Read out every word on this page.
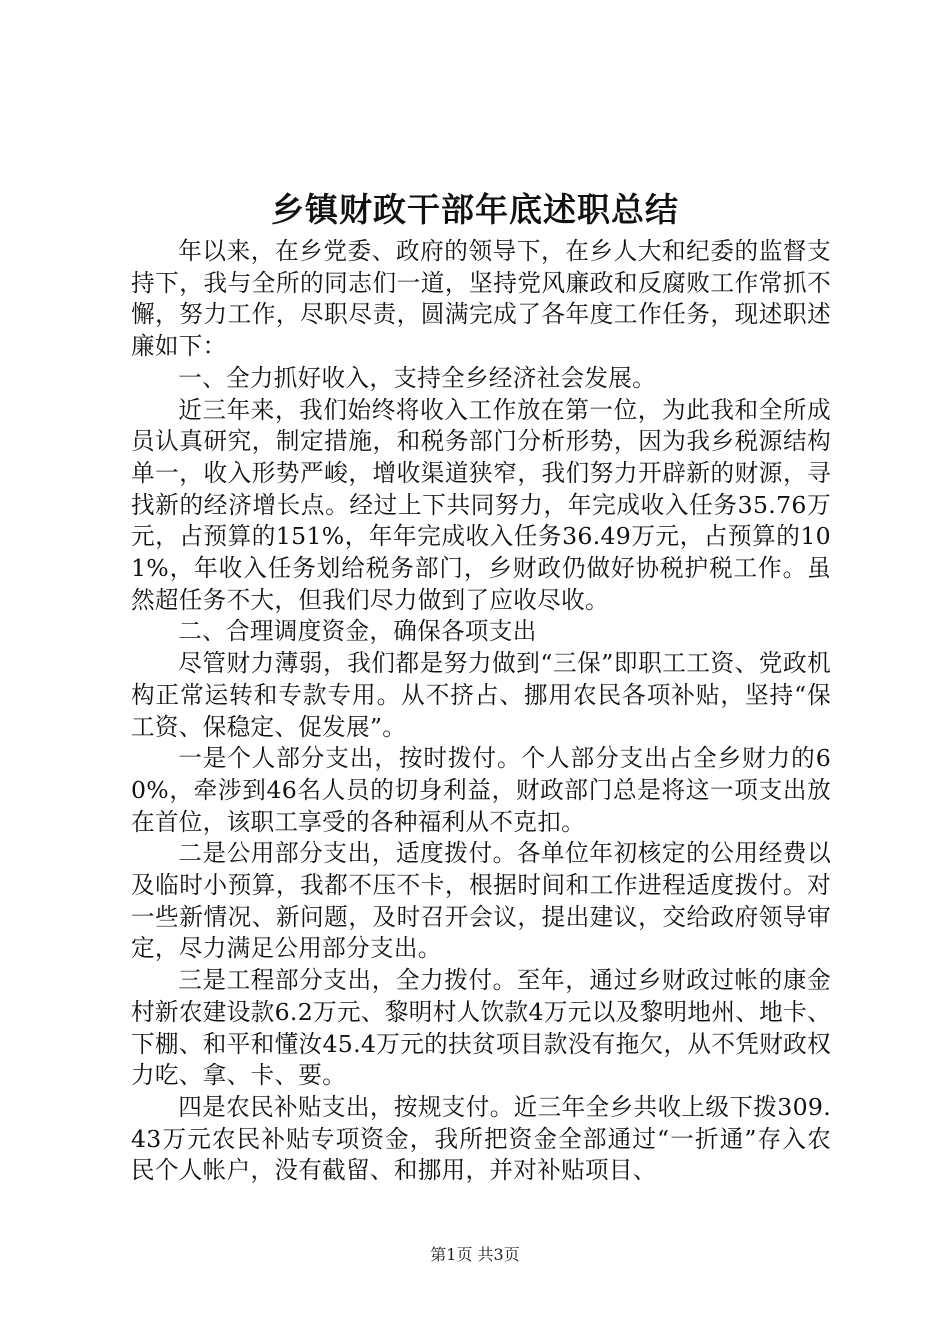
乡镇财政干部年底述职总结

年以来，在乡党委、政府的领导下，在乡人大和纪委的监督支持下，我与全所的同志们一道，坚持党风廉政和反腐败工作常抓不懈，努力工作，尽职尽责，圆满完成了各年度工作任务，现述职述廉如下：

一、全力抓好收入，支持全乡经济社会发展。

近三年来，我们始终将收入工作放在第一位，为此我和全所成员认真研究，制定措施，和税务部门分析形势，因为我乡税源结构单一，收入形势严峻，增收渠道狭窄，我们努力开辟新的财源，寻找新的经济增长点。经过上下共同努力，年完成收入任务35.76万元，占预算的151%，年年完成收入任务36.49万元，占预算的101%，年收入任务划给税务部门，乡财政仍做好协税护税工作。虽然超任务不大，但我们尽力做到了应收尽收。

二、合理调度资金，确保各项支出

尽管财力薄弱，我们都是努力做到“三保”即职工工资、党政机构正常运转和专款专用。从不挤占、挪用农民各项补贴，坚持“保工资、保稳定、促发展”。

一是个人部分支出，按时拨付。个人部分支出占全乡财力的60%，牵涉到46名人员的切身利益，财政部门总是将这一项支出放在首位，该职工享受的各种福利从不克扣。

二是公用部分支出，适度拨付。各单位年初核定的公用经费以及临时小预算，我都不压不卡，根据时间和工作进程适度拨付。对一些新情况、新问题，及时召开会议，提出建议，交给政府领导审定，尽力满足公用部分支出。

三是工程部分支出，全力拨付。至年，通过乡财政过帐的康金村新农建设款6.2万元、黎明村人饮款4万元以及黎明地州、地卡、下棚、和平和懂汝45.4万元的扶贫项目款没有拖欠，从不凭财政权力吃、拿、卡、要。

四是农民补贴支出，按规支付。近三年全乡共收上级下拨309.43万元农民补贴专项资金，我所把资金全部通过“一折通”存入农民个人帐户，没有截留、和挪用，并对补贴项目、

第1页 共3页
